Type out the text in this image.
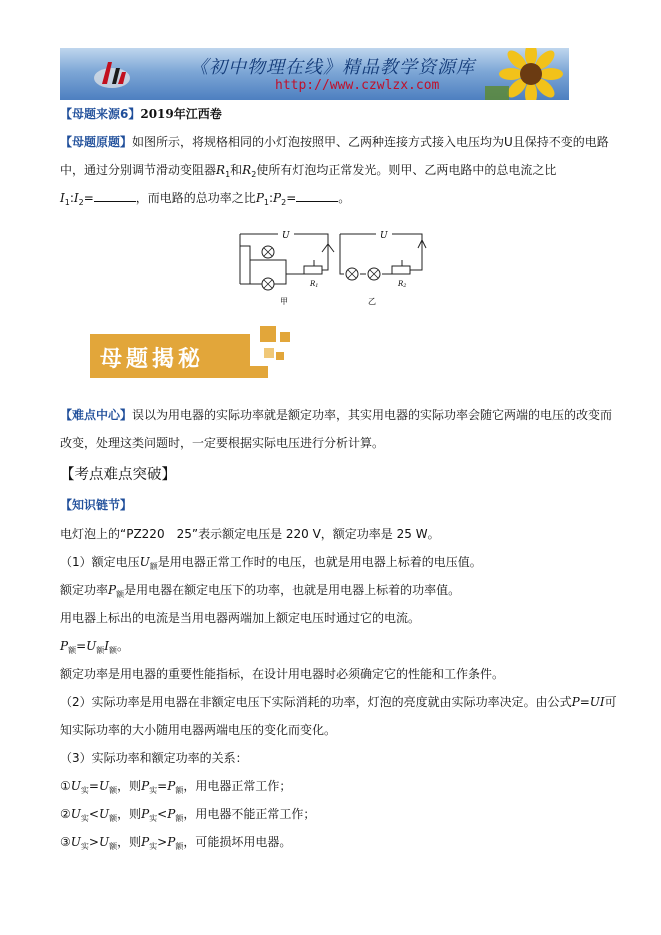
《初中物理在线》精品教学资源库
http://www.czwlzx.com
【母题来源6】2019年江西卷
【母题原题】如图所示，将规格相同的小灯泡按照甲、乙两种连接方式接入电压均为U且保持不变的电路
中，通过分别调节滑动变阻器$R_1$和$R_2$使所有灯泡均正常发光。则甲、乙两电路中的总电流之比
$I_1:I_2=$	，而电路的总功率之比$P_1:P_2=$	。
U	U
R1	R2
甲	乙
母题揭秘
【难点中心】误以为用电器的实际功率就是额定功率，其实用电器的实际功率会随它两端的电压的改变而
改变，处理这类问题时，一定要根据实际电压进行分析计算。
【考点难点突破】
【知识链节】
电灯泡上的“PZ220　25”表示额定电压是 220 V，额定功率是 25 W。
（1）额定电压$U_额$是用电器正常工作时的电压，也就是用电器上标着的电压值。
额定功率$P_额$是用电器在额定电压下的功率，也就是用电器上标着的功率值。
用电器上标出的电流是当用电器两端加上额定电压时通过它的电流。
$P_额=U_额I_额$。
额定功率是用电器的重要性能指标，在设计用电器时必须确定它的性能和工作条件。
（2）实际功率是用电器在非额定电压下实际消耗的功率，灯泡的亮度就由实际功率决定。由公式P=UI可
知实际功率的大小随用电器两端电压的变化而变化。
（3）实际功率和额定功率的关系：
$①U_实=U_额$，则$P_实=P_额$，用电器正常工作；
$②U_实<U_额$，则$P_实<P_额$，用电器不能正常工作；
$③U_实>U_额$，则$P_实>P_额$，可能损坏用电器。
